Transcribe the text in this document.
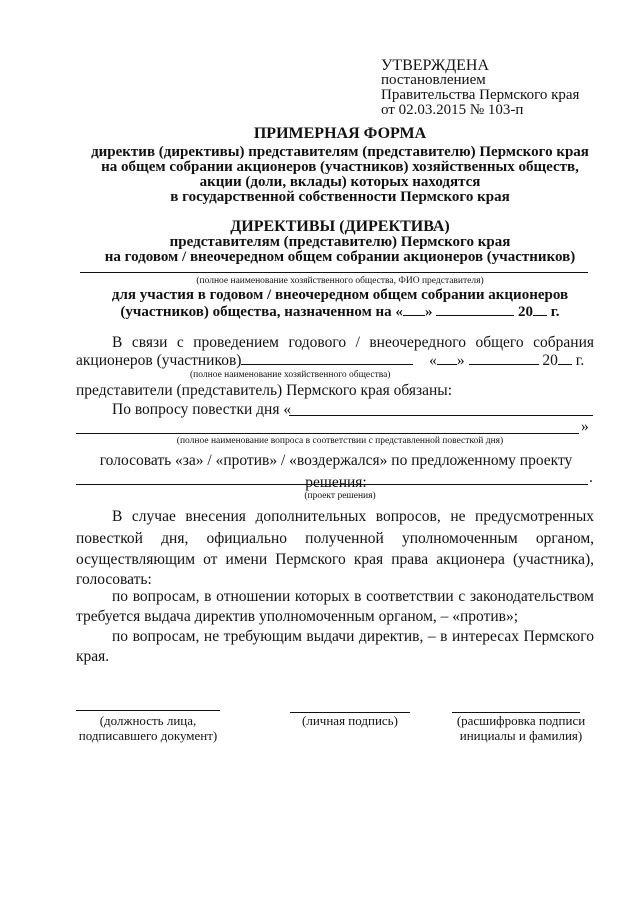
УТВЕРЖДЕНА
постановлением
Правительства Пермского края
от 02.03.2015 № 103-п
ПРИМЕРНАЯ ФОРМА
директив (директивы) представителям (представителю) Пермского края
на общем собрании акционеров (участников) хозяйственных обществ,
акции (доли, вклады) которых находятся
в государственной собственности Пермского края
ДИРЕКТИВЫ (ДИРЕКТИВА)
представителям (представителю) Пермского края
на годовом / внеочередном общем собрании акционеров (участников)
(полное наименование хозяйственного общества, ФИО представителя)
для участия в годовом / внеочередном общем собрании акционеров
(участников) общества, назначенном на « »	20 г.
В связи с проведением годового / внеочередного общего собрания
акционеров (участников)	« »	20 г.
(полное наименование хозяйственного общества)
представители (представитель) Пермского края обязаны:
По вопросу повестки дня «
»
(полное наименование вопроса в соответствии с представленной повесткой дня)
голосовать «за» / «против» / «воздержался» по предложенному проекту решения:	.
(проект решения)
В случае внесения дополнительных вопросов, не предусмотренных
повесткой дня, официально полученной уполномоченным органом,
осуществляющим от имени Пермского края права акционера (участника),
голосовать:
по вопросам, в отношении которых в соответствии с законодательством
требуется выдача директив уполномоченным органом, – «против»;
по вопросам, не требующим выдачи директив, – в интересах Пермского
края.
(должность лица,
подписавшего документ)
(личная подпись)	(расшифровка подписи
инициалы и фамилия)
